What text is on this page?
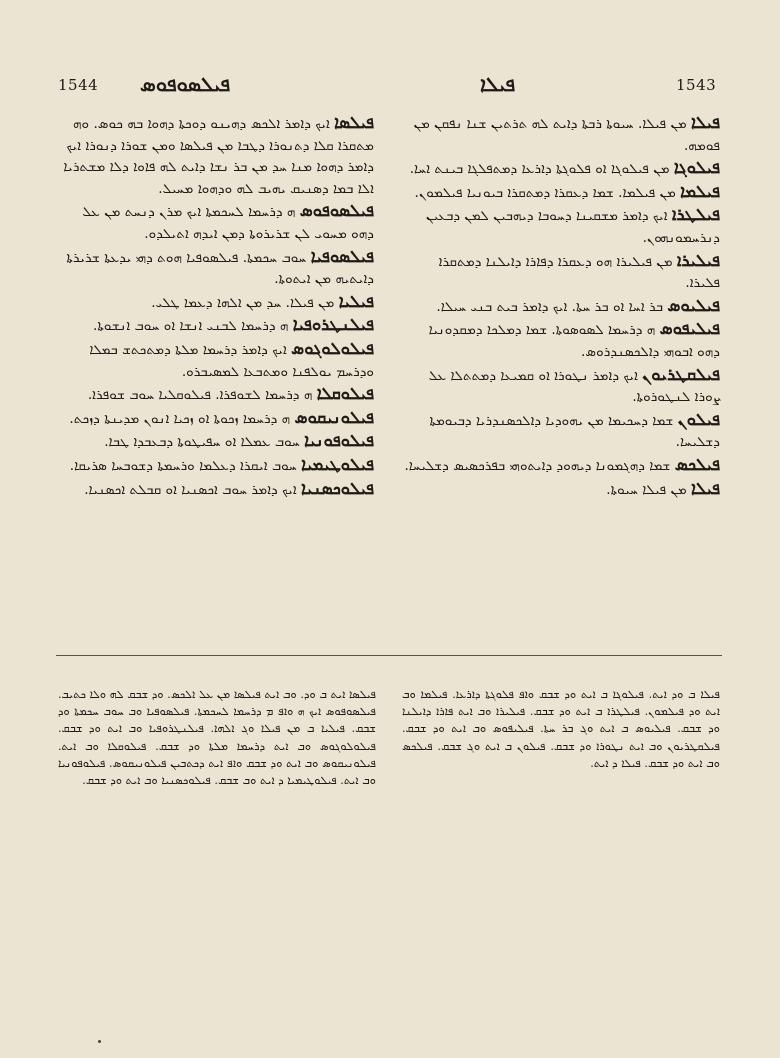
1544 ܦܝܠܣܘܦܘܣ	ܦܝܠܐ	1543

ܦܝܠܣܐ ܐܝܟ ܕܐܡܪ ܐܠܟܣ ܕܗܝܢܘ ܕܘܟܬܐ ܕܗܘܐ ܒܗ ܟܘܣ. ܘܗ ܡܬܩܪܐ ܩܠܐ ܕܬܢܘܪܐ ܕܛܒܐ ܡܢ ܦܝܠܣܐ ܘܡܢ ܫܘܪܐ ܕܢܘܪܐ ܐܝܟ ܕܐܡܪ ܕܗܘܐ ܡܢܐ ܚܕ ܡܢ ܒܪ ܢܫܐ ܕܐܝܬ ܠܗ ܦܐܘܐ ܕܠܐ ܡܫܬܪܝܐ ܐܠܐ ܒܡܐ ܕܣܢܝܩ ܝܗܝܒ ܠܗ ܘܕܗܘܐ ܡܚܝܠ.

ܦܝܠܣܘܦܘܣ ܗ ܕܪܚܡܐ ܠܚܟܡܬܐ ܐܝܟ ܡܪܢ ܕܢܚܬ ܡܢ ܥܠ ܕܗܘ ܡܚܘܝ ܠܢ ܫܪܝܪܘܬܐ ܕܡܢ ܐܝܕܗ ܐܬܝܠܕܘ.

ܦܝܠܣܘܦܝܐ ܚܘܒ ܚܟܡܬܐ. ܦܝܠܣܘܦܝܐ ܗܘܬ ܕܗܝ ܝܕܥܬܐ ܫܪܝܪܬܐ ܕܐܝܬܝܗ ܡܢ ܐܝܬܘܬܐ.

ܦܝܠܝܐ ܡܢ ܦܝܠܐ. ܚܕ ܡܢ ܐܠܗܐ ܕܥܡܐ ܛܠܝ.

ܦܝܠܢܛܪܘܦܝܐ ܗ ܕܪܚܡܐ ܠܒܢܝ ܐܢܫܐ ܐܘ ܚܘܒ ܐܢܫܘܬܐ.

ܦܝܠܘܠܘܓܘܣ ܐܝܟ ܕܐܡܪ ܕܪܚܡܐ ܡܠܬܐ ܕܡܬܟܬܫ ܒܡܠܐ ܘܕܪܚܡ ܝܘܠܦܢܐ ܘܡܬܒܥܐ ܠܡܣܝܒܪܘ.

ܦܝܠܘܩܠܐ ܗ ܕܪܚܡܐ ܠܫܘܦܪܐ. ܦܝܠܘܩܠܝܐ ܚܘܒ ܫܘܦܪܐ.

ܦܝܠܘܢܝܩܘܣ ܗ ܕܪܚܡܐ ܙܟܘܬܐ ܐܘ ܙܟܝܐ ܐܢܘܢ ܡܕܝܢܬܐ ܕܙܟܬ.

ܦܝܠܘܦܘܢܝܐ ܚܘܒ ܥܡܠܐ ܐܘ ܚܦܝܛܘܬܐ ܕܒܥܒܕܐ ܛܒܐ.

ܦܝܠܘܛܝܡܝܐ ܚܘܒ ܐܝܩܪܐ ܕܥܠܡܐ ܘܪܚܡܬܐ ܕܫܘܒܚܐ ܣܪܝܩܐ.

ܦܝܠܘܟܣܢܝܐ ܐܝܟ ܕܐܡܪ ܚܘܒ ܐܟܣܢܝܐ ܐܘ ܩܒܠܬ ܐܟܣܢܝܐ.

ܦܝܠܐ ܡܢ ܦܝܠܐ. ܚܝܘܬܐ ܪܒܬܐ ܕܐܝܬ ܠܗ ܬܪܬܝܢ ܫܢܐ ܢܦܩܢ ܡܢ ܦܘܡܗ.

ܦܝܠܘܓܐ ܡܢ ܦܝܠܘܓܐ ܐܘ ܦܠܘܓܬܐ ܕܐܪܥܐ ܕܡܬܦܠܓܐ ܒܝܢܬ ܐܚܐ.

ܦܝܠܡܐ ܡܢ ܦܝܠܡܐ. ܫܡܐ ܕܥܩܪܐ ܕܡܬܩܪܐ ܒܝܘܢܝܐ ܦܝܠܡܘܢ.

ܦܝܠܛܪܐ ܐܝܟ ܕܐܡܪ ܡܫܩܝܢܐ ܕܚܘܒܐ ܕܝܗܒܝܢ ܠܡܢ ܕܒܥܝܢ ܕܢܪܚܡܘܢܗܘܢ.

ܦܝܠܝܪܐ ܡܢ ܦܝܠܝܪܐ ܗܘ ܕܥܩܪܐ ܕܦܐܪܐ ܕܐܝܠܢܐ ܕܡܬܩܪܐ ܦܠܝܪܐ.

ܦܝܠܝܘܣ ܒܪ ܐܚܐ ܐܘ ܒܪ ܚܬܐ. ܐܝܟ ܕܐܡܪ ܒܝܬ ܒܢܝ ܚܝܠܐ.

ܦܝܠܝܦܘܣ ܗ ܕܪܚܡܐ ܠܣܘܣܘܬܐ. ܫܡܐ ܕܡܠܟܐ ܕܡܩܕܘܢܝܐ ܕܗܘ ܐܒܘܗܝ ܕܐܠܟܣܢܕܪܘܣ.

ܦܝܠܩܛܪܝܘܢ ܐܝܟ ܕܐܡܪ ܢܛܘܪܐ ܐܘ ܩܡܝܥܐ ܕܡܬܬܠܐ ܥܠ ܨܘܪܐ ܠܢܛܘܪܘܬܐ.

ܦܝܠܘܢ ܫܡܐ ܕܚܟܝܡܐ ܡܢ ܝܗܘܕܝܐ ܕܐܠܟܣܢܕܪܝܐ ܕܒܝܘܡܬܐ ܕܫܠܝܚܐ.

ܦܝܠܟܣ ܫܡܐ ܕܗܓܡܘܢܐ ܕܝܗܘܕ ܕܐܝܬܘܗܝ ܒܦܪܟܣܝܣ ܕܫܠܝܚܐ.

ܦܝܠܐ ܡܢ ܦܝܠܐ ܚܝܘܬܐ.

ܦܝܠܣܐ ܐܝܬ ܒ ܘܕ. ܘܒ ܐܝܬ ܦܝܠܣܐ ܡܢ ܥܠ ܐܠܟܣ. ܘܕ ܫܒܩ ܠܗ ܘܠܐ ܟܬܝܒ. ܦܝܠܣܘܦܘܣ ܐܝܟ ܗ ܘܐܦ ܡ ܕܪܚܡܐ ܠܚܟܡܬܐ. ܦܝܠܣܘܦܝܐ ܘܒ ܚܘܒ ܚܟܡܬܐ ܘܕ ܫܒܩ. ܦܝܠܝܐ ܒ ܡܢ ܦܝܠܐ ܘܓ ܐܠܗܐ. ܦܝܠܢܛܪܘܦܝܐ ܘܒ ܐܝܬ ܘܕ ܫܒܩ. ܦܝܠܘܠܘܓܘܣ ܘܒ ܐܝܬ ܕܪܚܡܐ ܡܠܬܐ ܘܕ ܫܒܩ. ܦܝܠܘܩܠܐ ܘܒ ܐܝܬ. ܦܝܠܘܢܝܩܘܣ ܘܒ ܐܝܬ ܘܕ ܫܒܩ ܘܐܦ ܐܝܬ ܕܟܬܒܝܢ ܦܝܠܘܢܝܩܘܣ. ܦܝܠܘܦܘܢܝܐ ܘܒ ܐܝܬ. ܦܝܠܘܛܝܡܝܐ ܕ ܐܝܬ ܘܒ ܫܒܩ. ܦܝܠܘܟܣܢܝܐ ܘܒ ܐܝܬ ܘܕ ܫܒܩ.
ܦܝܠܐ ܒ ܘܕ ܐܝܬ. ܦܝܠܘܓܐ ܒ ܐܝܬ ܘܕ ܫܒܩ ܘܐܦ ܦܠܘܓܬܐ ܕܐܪܥܐ. ܦܝܠܡܐ ܘܒ ܐܝܬ ܘܕ ܦܝܠܡܘܢ. ܦܝܠܛܪܐ ܒ ܐܝܬ ܘܕ ܫܒܩ. ܦܝܠܝܪܐ ܘܒ ܐܝܬ ܦܐܪܐ ܕܐܝܠܢܐ ܘܕ ܫܒܩ. ܦܝܠܝܘܣ ܒ ܐܝܬ ܘܓ ܒܪ ܚܬܐ. ܦܝܠܝܦܘܣ ܘܒ ܐܝܬ ܘܕ ܫܒܩ. ܦܝܠܩܛܪܝܘܢ ܘܒ ܐܝܬ ܢܛܘܪܐ ܘܕ ܫܒܩ. ܦܝܠܘܢ ܒ ܐܝܬ ܘܓ ܫܒܩ. ܦܝܠܟܣ ܘܒ ܐܝܬ ܘܕ ܫܒܩ. ܦܝܠܐ ܕ ܐܝܬ.
